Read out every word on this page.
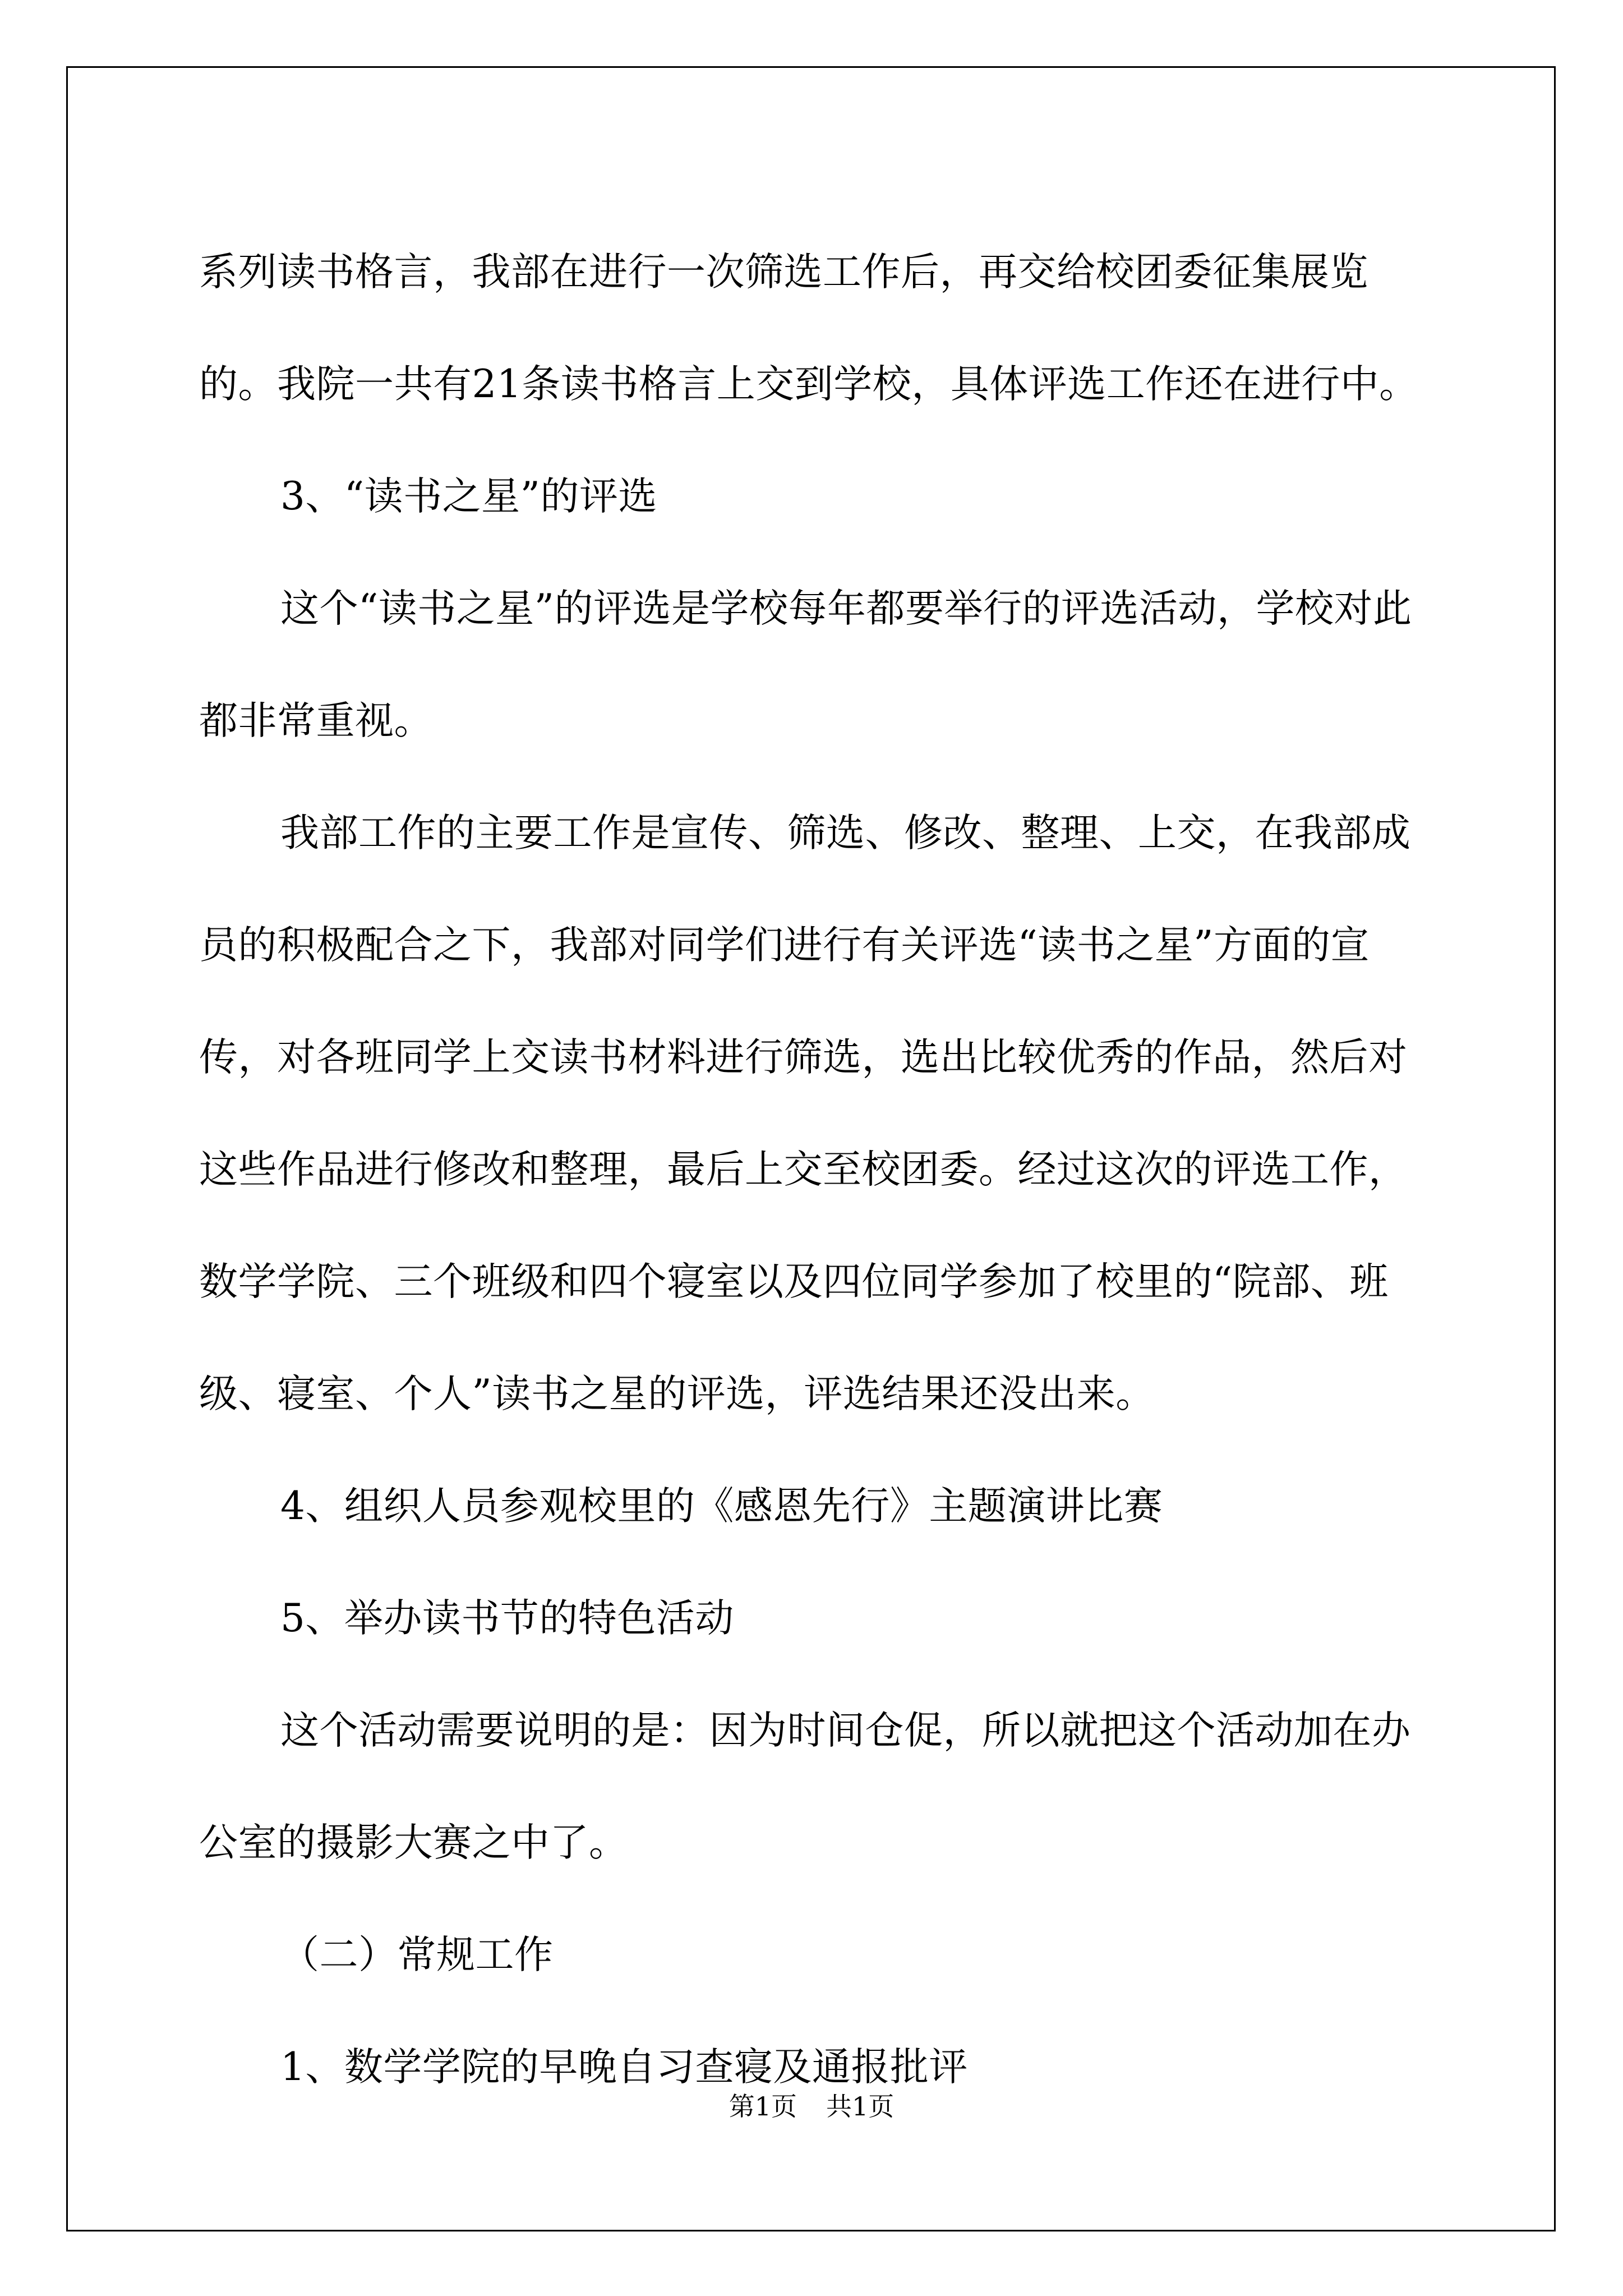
系列读书格言，我部在进行一次筛选工作后，再交给校团委征集展览的。我院一共有21条读书格言上交到学校，具体评选工作还在进行中。

3、“读书之星”的评选

这个“读书之星”的评选是学校每年都要举行的评选活动，学校对此都非常重视。

我部工作的主要工作是宣传、筛选、修改、整理、上交，在我部成员的积极配合之下，我部对同学们进行有关评选“读书之星”方面的宣传，对各班同学上交读书材料进行筛选，选出比较优秀的作品，然后对这些作品进行修改和整理，最后上交至校团委。经过这次的评选工作，数学学院、三个班级和四个寝室以及四位同学参加了校里的“院部、班级、寝室、个人”读书之星的评选，评选结果还没出来。

4、组织人员参观校里的《感恩先行》主题演讲比赛

5、举办读书节的特色活动

这个活动需要说明的是：因为时间仓促，所以就把这个活动加在办公室的摄影大赛之中了。

（二）常规工作

1、数学学院的早晚自习查寝及通报批评

第1页 共1页
